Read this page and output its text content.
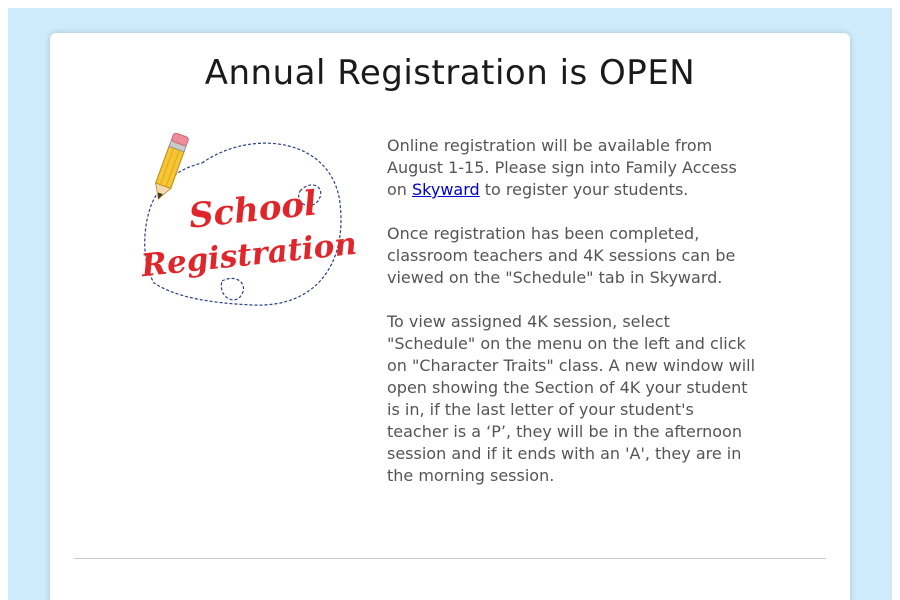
Annual Registration is OPEN
School
Registration

Online registration will be available from August 1-15. Please sign into Family Access on Skyward to register your students.

Once registration has been completed, classroom teachers and 4K sessions can be viewed on the "Schedule" tab in Skyward.

To view assigned 4K session, select "Schedule" on the menu on the left and click on "Character Traits" class. A new window will open showing the Section of 4K your student is in, if the last letter of your student's teacher is a ‘P’, they will be in the afternoon session and if it ends with an 'A', they are in the morning session.
